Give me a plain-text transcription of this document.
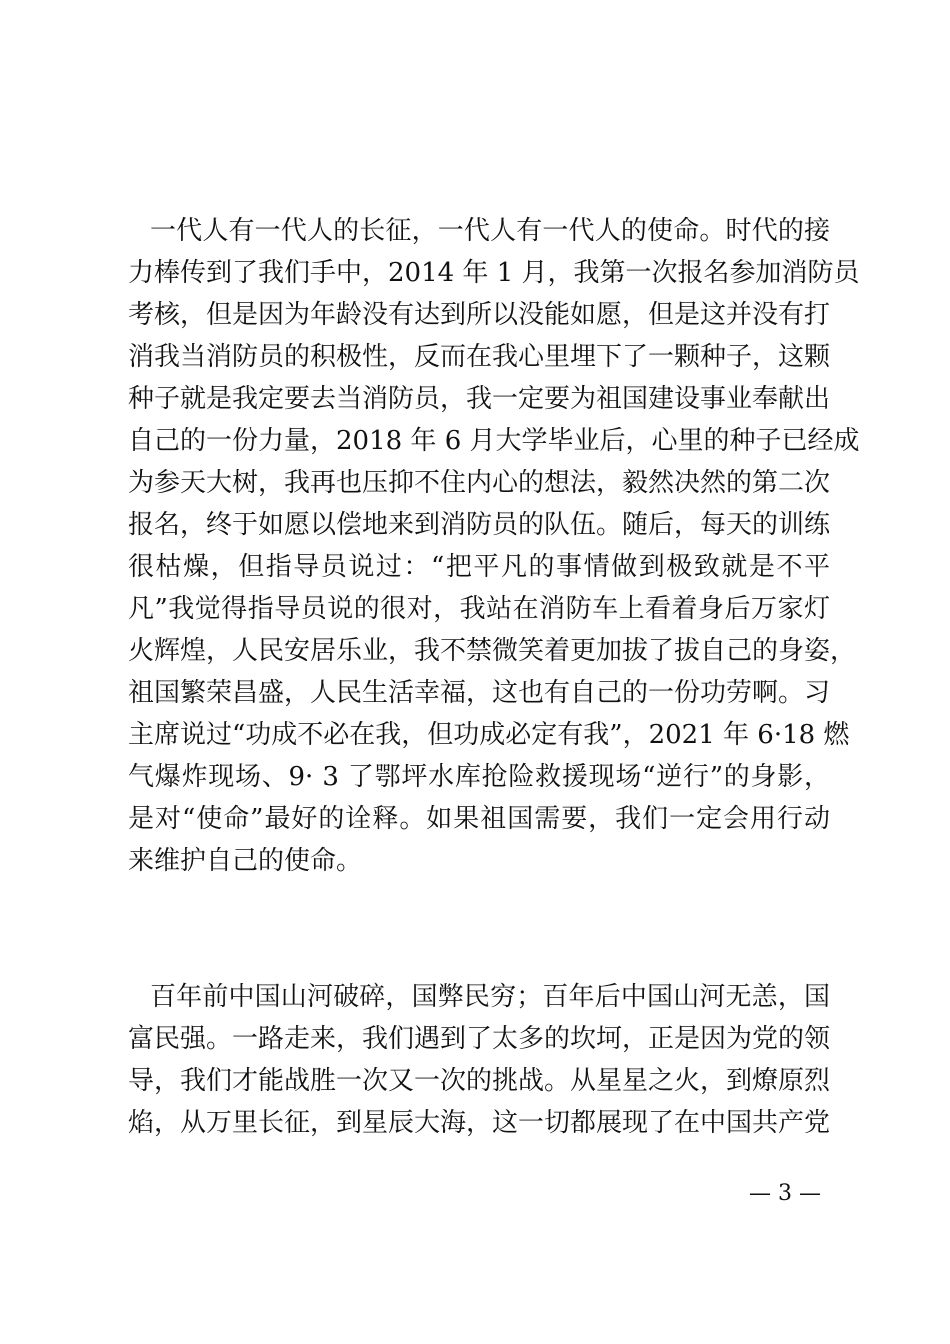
一代人有一代人的长征，一代人有一代人的使命。时代的接
力棒传到了我们手中，2014 年 1 月，我第一次报名参加消防员
考核，但是因为年龄没有达到所以没能如愿，但是这并没有打
消我当消防员的积极性，反而在我心里埋下了一颗种子，这颗
种子就是我定要去当消防员，我一定要为祖国建设事业奉献出
自己的一份力量，2018 年 6 月大学毕业后，心里的种子已经成
为参天大树，我再也压抑不住内心的想法，毅然决然的第二次
报名，终于如愿以偿地来到消防员的队伍。随后，每天的训练
很枯燥，但指导员说过：“把平凡的事情做到极致就是不平
凡”我觉得指导员说的很对，我站在消防车上看着身后万家灯
火辉煌，人民安居乐业，我不禁微笑着更加拔了拔自己的身姿，
祖国繁荣昌盛，人民生活幸福，这也有自己的一份功劳啊。习
主席说过“功成不必在我，但功成必定有我”，2021 年 6·18 燃
气爆炸现场、9· 3 了鄂坪水库抢险救援现场“逆行”的身影，
是对“使命”最好的诠释。如果祖国需要，我们一定会用行动
来维护自己的使命。
百年前中国山河破碎，国弊民穷；百年后中国山河无恙，国
富民强。一路走来，我们遇到了太多的坎坷，正是因为党的领
导，我们才能战胜一次又一次的挑战。从星星之火，到燎原烈
焰，从万里长征，到星辰大海，这一切都展现了在中国共产党
— 3 —
